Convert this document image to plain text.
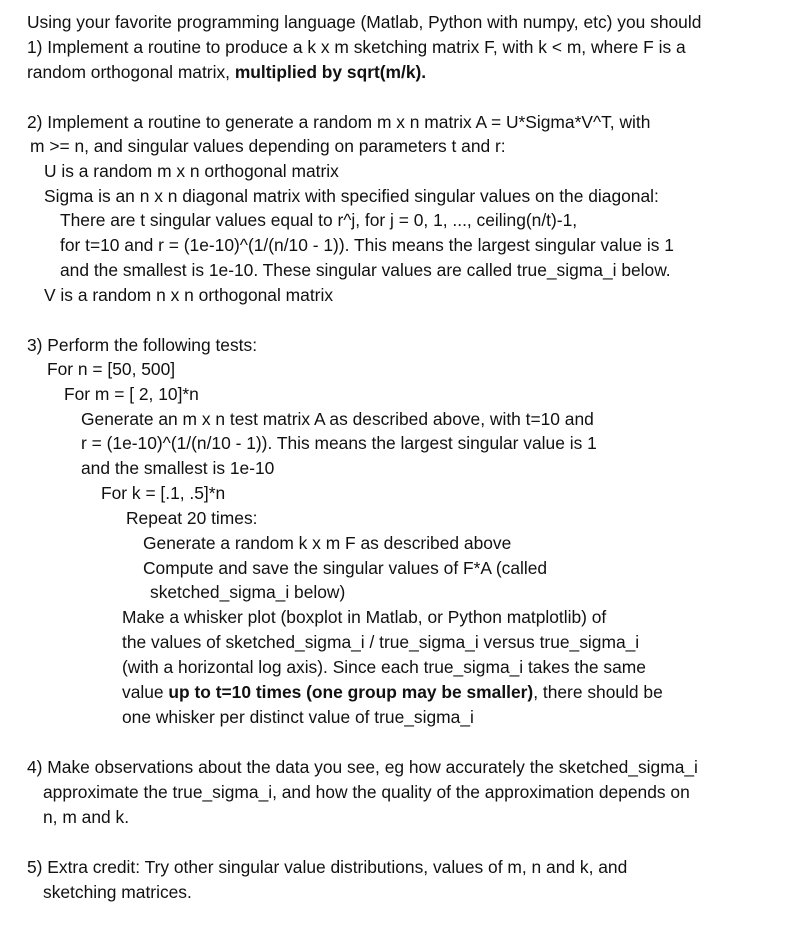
Using your favorite programming language (Matlab, Python with numpy, etc) you should
1) Implement a routine to produce a k x m sketching matrix F, with k < m, where F is a
random orthogonal matrix, multiplied by sqrt(m/k).
2) Implement a routine to generate a random m x n matrix A = U*Sigma*V^T, with
m >= n, and singular values depending on parameters t and r:
U is a random m x n orthogonal matrix
Sigma is an n x n diagonal matrix with specified singular values on the diagonal:
There are t singular values equal to r^j, for j = 0, 1, ..., ceiling(n/t)-1,
for t=10 and r = (1e-10)^(1/(n/10 - 1)). This means the largest singular value is 1
and the smallest is 1e-10. These singular values are called true_sigma_i below.
V is a random n x n orthogonal matrix
3) Perform the following tests:
For n = [50, 500]
For m = [ 2, 10]*n
Generate an m x n test matrix A as described above, with t=10 and
r = (1e-10)^(1/(n/10 - 1)). This means the largest singular value is 1
and the smallest is 1e-10
For k = [.1, .5]*n
Repeat 20 times:
Generate a random k x m F as described above
Compute and save the singular values of F*A (called
sketched_sigma_i below)
Make a whisker plot (boxplot in Matlab, or Python matplotlib) of
the values of sketched_sigma_i / true_sigma_i versus true_sigma_i
(with a horizontal log axis). Since each true_sigma_i takes the same
value up to t=10 times (one group may be smaller), there should be
one whisker per distinct value of true_sigma_i
4) Make observations about the data you see, eg how accurately the sketched_sigma_i
approximate the true_sigma_i, and how the quality of the approximation depends on
n, m and k.
5) Extra credit: Try other singular value distributions, values of m, n and k, and
sketching matrices.
